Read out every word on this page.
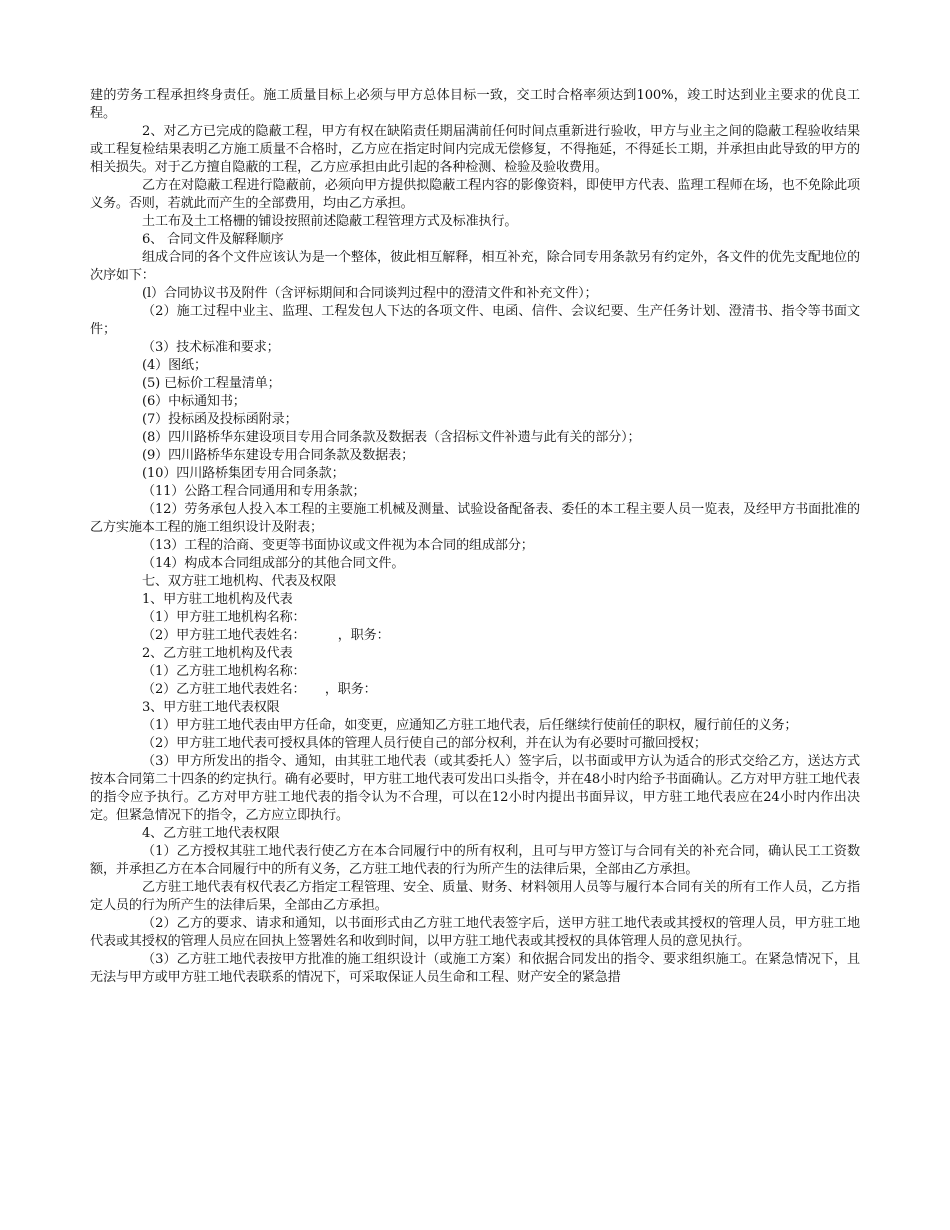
建的劳务工程承担终身责任。施工质量目标上必须与甲方总体目标一致，交工时合格率须达到100%，竣工时达到业主要求的优良工程。

2、对乙方已完成的隐蔽工程，甲方有权在缺陷责任期届满前任何时间点重新进行验收，甲方与业主之间的隐蔽工程验收结果或工程复检结果表明乙方施工质量不合格时，乙方应在指定时间内完成无偿修复，不得拖延，不得延长工期，并承担由此导致的甲方的相关损失。对于乙方擅自隐蔽的工程，乙方应承担由此引起的各种检测、检验及验收费用。

乙方在对隐蔽工程进行隐蔽前，必须向甲方提供拟隐蔽工程内容的影像资料，即使甲方代表、监理工程师在场，也不免除此项义务。否则，若就此而产生的全部费用，均由乙方承担。

土工布及土工格栅的铺设按照前述隐蔽工程管理方式及标准执行。

6、 合同文件及解释顺序

组成合同的各个文件应该认为是一个整体，彼此相互解释，相互补充，除合同专用条款另有约定外，各文件的优先支配地位的次序如下：

(l）合同协议书及附件（含评标期间和合同谈判过程中的澄清文件和补充文件）；

（2）施工过程中业主、监理、工程发包人下达的各项文件、电函、信件、会议纪要、生产任务计划、澄清书、指令等书面文件；

（3）技术标准和要求；

(4）图纸；

(5) 已标价工程量清单；

(6）中标通知书；

(7）投标函及投标函附录；

(8）四川路桥华东建设项目专用合同条款及数据表（含招标文件补遗与此有关的部分）；

(9）四川路桥华东建设专用合同条款及数据表；

(10）四川路桥集团专用合同条款；

（11）公路工程合同通用和专用条款；

（12）劳务承包人投入本工程的主要施工机械及测量、试验设备配备表、委任的本工程主要人员一览表，及经甲方书面批准的乙方实施本工程的施工组织设计及附表；

（13）工程的洽商、变更等书面协议或文件视为本合同的组成部分；

（14）构成本合同组成部分的其他合同文件。

七、双方驻工地机构、代表及权限

1、甲方驻工地机构及代表

（1）甲方驻工地机构名称：

（2）甲方驻工地代表姓名：　　　，职务：

2、乙方驻工地机构及代表

（1）乙方驻工地机构名称：

（2）乙方驻工地代表姓名：　　，职务：

3、甲方驻工地代表权限

（1）甲方驻工地代表由甲方任命，如变更，应通知乙方驻工地代表，后任继续行使前任的职权，履行前任的义务；

（2）甲方驻工地代表可授权具体的管理人员行使自己的部分权利，并在认为有必要时可撤回授权；

（3）甲方所发出的指令、通知，由其驻工地代表（或其委托人）签字后，以书面或甲方认为适合的形式交给乙方，送达方式按本合同第二十四条的约定执行。确有必要时，甲方驻工地代表可发出口头指令，并在48小时内给予书面确认。乙方对甲方驻工地代表的指令应予执行。乙方对甲方驻工地代表的指令认为不合理，可以在12小时内提出书面异议，甲方驻工地代表应在24小时内作出决定。但紧急情况下的指令，乙方应立即执行。

4、乙方驻工地代表权限

（1）乙方授权其驻工地代表行使乙方在本合同履行中的所有权利，且可与甲方签订与合同有关的补充合同，确认民工工资数额，并承担乙方在本合同履行中的所有义务，乙方驻工地代表的行为所产生的法律后果，全部由乙方承担。

乙方驻工地代表有权代表乙方指定工程管理、安全、质量、财务、材料领用人员等与履行本合同有关的所有工作人员，乙方指定人员的行为所产生的法律后果，全部由乙方承担。

（2）乙方的要求、请求和通知，以书面形式由乙方驻工地代表签字后，送甲方驻工地代表或其授权的管理人员，甲方驻工地代表或其授权的管理人员应在回执上签署姓名和收到时间，以甲方驻工地代表或其授权的具体管理人员的意见执行。

（3）乙方驻工地代表按甲方批准的施工组织设计（或施工方案）和依据合同发出的指令、要求组织施工。在紧急情况下，且无法与甲方或甲方驻工地代表联系的情况下，可采取保证人员生命和工程、财产安全的紧急措
